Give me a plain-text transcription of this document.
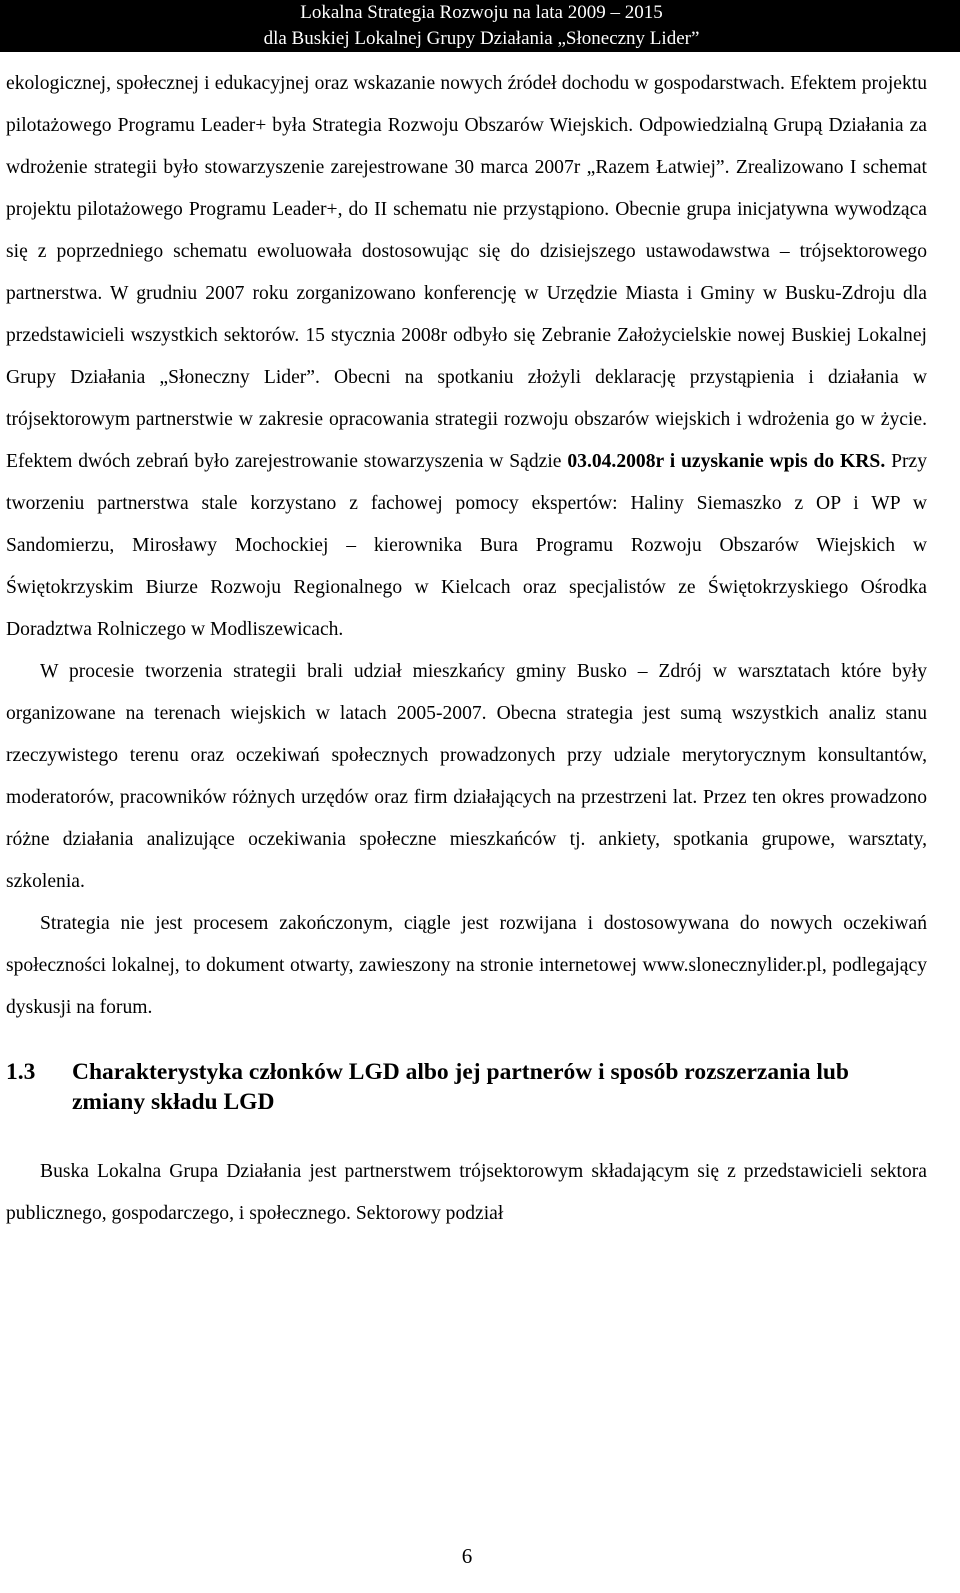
Lokalna Strategia Rozwoju na lata 2009 – 2015
dla Buskiej Lokalnej Grupy Działania „Słoneczny Lider”

ekologicznej, społecznej i edukacyjnej oraz wskazanie nowych źródeł dochodu w gospodarstwach. Efektem projektu pilotażowego Programu Leader+ była Strategia Rozwoju Obszarów Wiejskich. Odpowiedzialną Grupą Działania za wdrożenie strategii było stowarzyszenie zarejestrowane 30 marca 2007r „Razem Łatwiej”. Zrealizowano I schemat projektu pilotażowego Programu Leader+, do II schematu nie przystąpiono. Obecnie grupa inicjatywna wywodząca się z poprzedniego schematu ewoluowała dostosowując się do dzisiejszego ustawodawstwa – trójsektorowego partnerstwa. W grudniu 2007 roku zorganizowano konferencję w Urzędzie Miasta i Gminy w Busku-Zdroju dla przedstawicieli wszystkich sektorów. 15 stycznia 2008r odbyło się Zebranie Założycielskie nowej Buskiej Lokalnej Grupy Działania „Słoneczny Lider”. Obecni na spotkaniu złożyli deklarację przystąpienia i działania w trójsektorowym partnerstwie w zakresie opracowania strategii rozwoju obszarów wiejskich i wdrożenia go w życie. Efektem dwóch zebrań było zarejestrowanie stowarzyszenia w Sądzie 03.04.2008r i uzyskanie wpis do KRS. Przy tworzeniu partnerstwa stale korzystano z fachowej pomocy ekspertów: Haliny Siemaszko z OP i WP w Sandomierzu, Mirosławy Mochockiej – kierownika Bura Programu Rozwoju Obszarów Wiejskich w Świętokrzyskim Biurze Rozwoju Regionalnego w Kielcach oraz specjalistów ze Świętokrzyskiego Ośrodka Doradztwa Rolniczego w Modliszewicach.

W procesie tworzenia strategii brali udział mieszkańcy gminy Busko – Zdrój w warsztatach które były organizowane na terenach wiejskich w latach 2005-2007. Obecna strategia jest sumą wszystkich analiz stanu rzeczywistego terenu oraz oczekiwań społecznych prowadzonych przy udziale merytorycznym konsultantów, moderatorów, pracowników różnych urzędów oraz firm działających na przestrzeni lat. Przez ten okres prowadzono różne działania analizujące oczekiwania społeczne mieszkańców tj. ankiety, spotkania grupowe, warsztaty, szkolenia.

Strategia nie jest procesem zakończonym, ciągle jest rozwijana i dostosowywana do nowych oczekiwań społeczności lokalnej, to dokument otwarty, zawieszony na stronie internetowej www.slonecznylider.pl, podlegający dyskusji na forum.

1.3	Charakterystyka członków LGD albo jej partnerów i sposób rozszerzania lub zmiany składu LGD

Buska Lokalna Grupa Działania jest partnerstwem trójsektorowym składającym się z przedstawicieli sektora publicznego, gospodarczego, i społecznego. Sektorowy podział

6
